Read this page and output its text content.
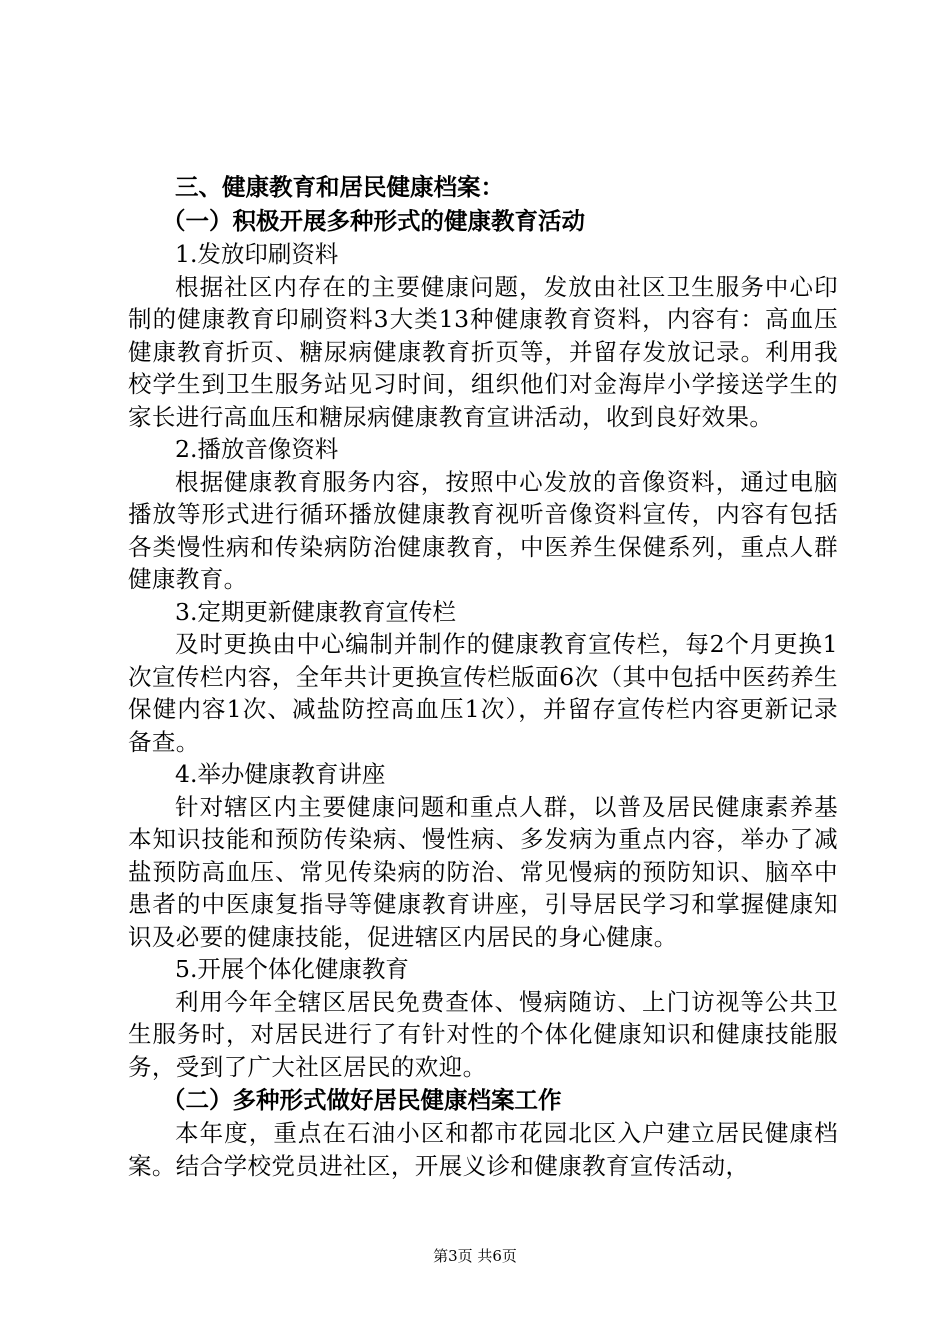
三、健康教育和居民健康档案：

（一）积极开展多种形式的健康教育活动

1.发放印刷资料

根据社区内存在的主要健康问题，发放由社区卫生服务中心印制的健康教育印刷资料3大类13种健康教育资料，内容有：高血压健康教育折页、糖尿病健康教育折页等，并留存发放记录。利用我校学生到卫生服务站见习时间，组织他们对金海岸小学接送学生的家长进行高血压和糖尿病健康教育宣讲活动，收到良好效果。

2.播放音像资料

根据健康教育服务内容，按照中心发放的音像资料，通过电脑播放等形式进行循环播放健康教育视听音像资料宣传，内容有包括各类慢性病和传染病防治健康教育，中医养生保健系列，重点人群健康教育。

3.定期更新健康教育宣传栏

及时更换由中心编制并制作的健康教育宣传栏，每2个月更换1次宣传栏内容，全年共计更换宣传栏版面6次（其中包括中医药养生保健内容1次、减盐防控高血压1次），并留存宣传栏内容更新记录备查。

4.举办健康教育讲座

针对辖区内主要健康问题和重点人群，以普及居民健康素养基本知识技能和预防传染病、慢性病、多发病为重点内容，举办了减盐预防高血压、常见传染病的防治、常见慢病的预防知识、脑卒中患者的中医康复指导等健康教育讲座，引导居民学习和掌握健康知识及必要的健康技能，促进辖区内居民的身心健康。

5.开展个体化健康教育

利用今年全辖区居民免费查体、慢病随访、上门访视等公共卫生服务时，对居民进行了有针对性的个体化健康知识和健康技能服务，受到了广大社区居民的欢迎。

（二）多种形式做好居民健康档案工作

本年度，重点在石油小区和都市花园北区入户建立居民健康档案。结合学校党员进社区，开展义诊和健康教育宣传活动，

第3页 共6页
